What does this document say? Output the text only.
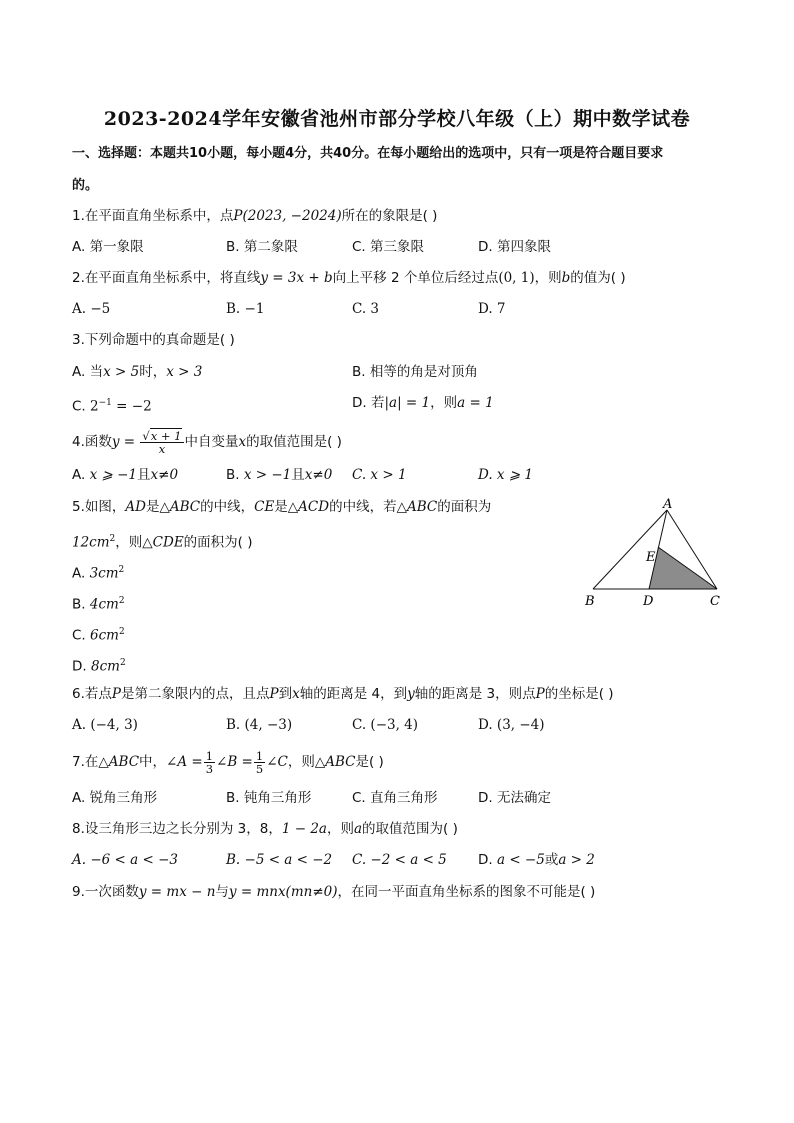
2023-2024学年安徽省池州市部分学校八年级（上）期中数学试卷
一、选择题：本题共10小题，每小题4分，共40分。在每小题给出的选项中，只有一项是符合题目要求
的。
1.在平面直角坐标系中，点P(2023, −2024)所在的象限是( )
A. 第一象限	B. 第二象限	C. 第三象限	D. 第四象限
2.在平面直角坐标系中，将直线y = 3x + b向上平移 2 个单位后经过点(0, 1)，则b的值为( )
A. −5	B. −1	C. 3	D. 7
3.下列命题中的真命题是( )
A. 当x > 5时，x > 3	B. 相等的角是对顶角
C. $2^{-1} = -2$	D. 若|a| = 1，则a = 1
4.函数$y = \frac{√x + 1}{x}$ 中自变量x的取值范围是( )
A. x ⩾ −1且x≠0	B. x > −1且x≠0 C. x > 1	D. x ⩾ 1
5.如图，AD是△ABC的中线，CE是△ACD的中线，若△ABC的面积为
$12cm^2$，则△CDE的面积为( )
A. $3cm^2$
B. $4cm^2$
C. $6cm^2$
D. $8cm^2$
A
B	C
D
E
6.若点P是第二象限内的点，且点P到x轴的距离是 4，到y轴的距离是 3，则点P的坐标是( )
A. (−4, 3)	B. (4, −3)	C. (−3, 4)	D. (3, −4)
7.在△ABC中，∠A = $\frac{1}{3}$ ∠B = $\frac{1}{5}$ ∠C，则△ABC是( )
A. 锐角三角形	B. 钝角三角形	C. 直角三角形	D. 无法确定
8.设三角形三边之长分别为 3，8，1 − 2a，则a的取值范围为( )
A. −6 < a < −3	B. −5 < a < −2 C. −2 < a < 5 D. a < −5或a > 2
9.一次函数y = mx − n与y = mnx(mn≠0)，在同一平面直角坐标系的图象不可能是( )
